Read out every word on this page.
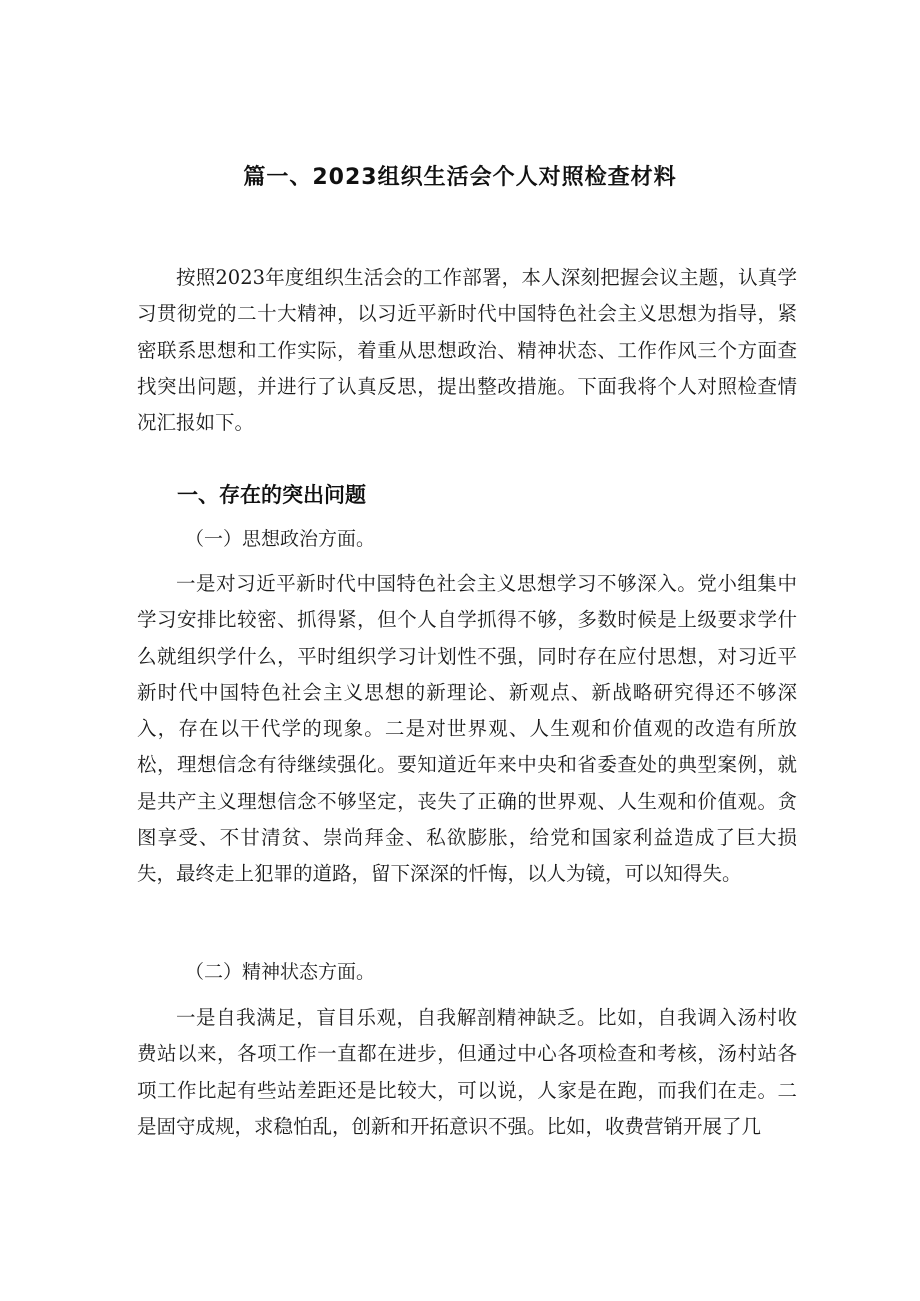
篇一、2023组织生活会个人对照检查材料

按照2023年度组织生活会的工作部署，本人深刻把握会议主题，认真学习贯彻党的二十大精神，以习近平新时代中国特色社会主义思想为指导，紧密联系思想和工作实际，着重从思想政治、精神状态、工作作风三个方面查找突出问题，并进行了认真反思，提出整改措施。下面我将个人对照检查情况汇报如下。

一、存在的突出问题

（一）思想政治方面。

一是对习近平新时代中国特色社会主义思想学习不够深入。党小组集中学习安排比较密、抓得紧，但个人自学抓得不够，多数时候是上级要求学什么就组织学什么，平时组织学习计划性不强，同时存在应付思想，对习近平新时代中国特色社会主义思想的新理论、新观点、新战略研究得还不够深入，存在以干代学的现象。二是对世界观、人生观和价值观的改造有所放松，理想信念有待继续强化。要知道近年来中央和省委查处的典型案例，就是共产主义理想信念不够坚定，丧失了正确的世界观、人生观和价值观。贪图享受、不甘清贫、崇尚拜金、私欲膨胀，给党和国家利益造成了巨大损失，最终走上犯罪的道路，留下深深的忏悔，以人为镜，可以知得失。

（二）精神状态方面。

一是自我满足，盲目乐观，自我解剖精神缺乏。比如，自我调入汤村收费站以来，各项工作一直都在进步，但通过中心各项检查和考核，汤村站各项工作比起有些站差距还是比较大，可以说，人家是在跑，而我们在走。二是固守成规，求稳怕乱，创新和开拓意识不强。比如，收费营销开展了几
